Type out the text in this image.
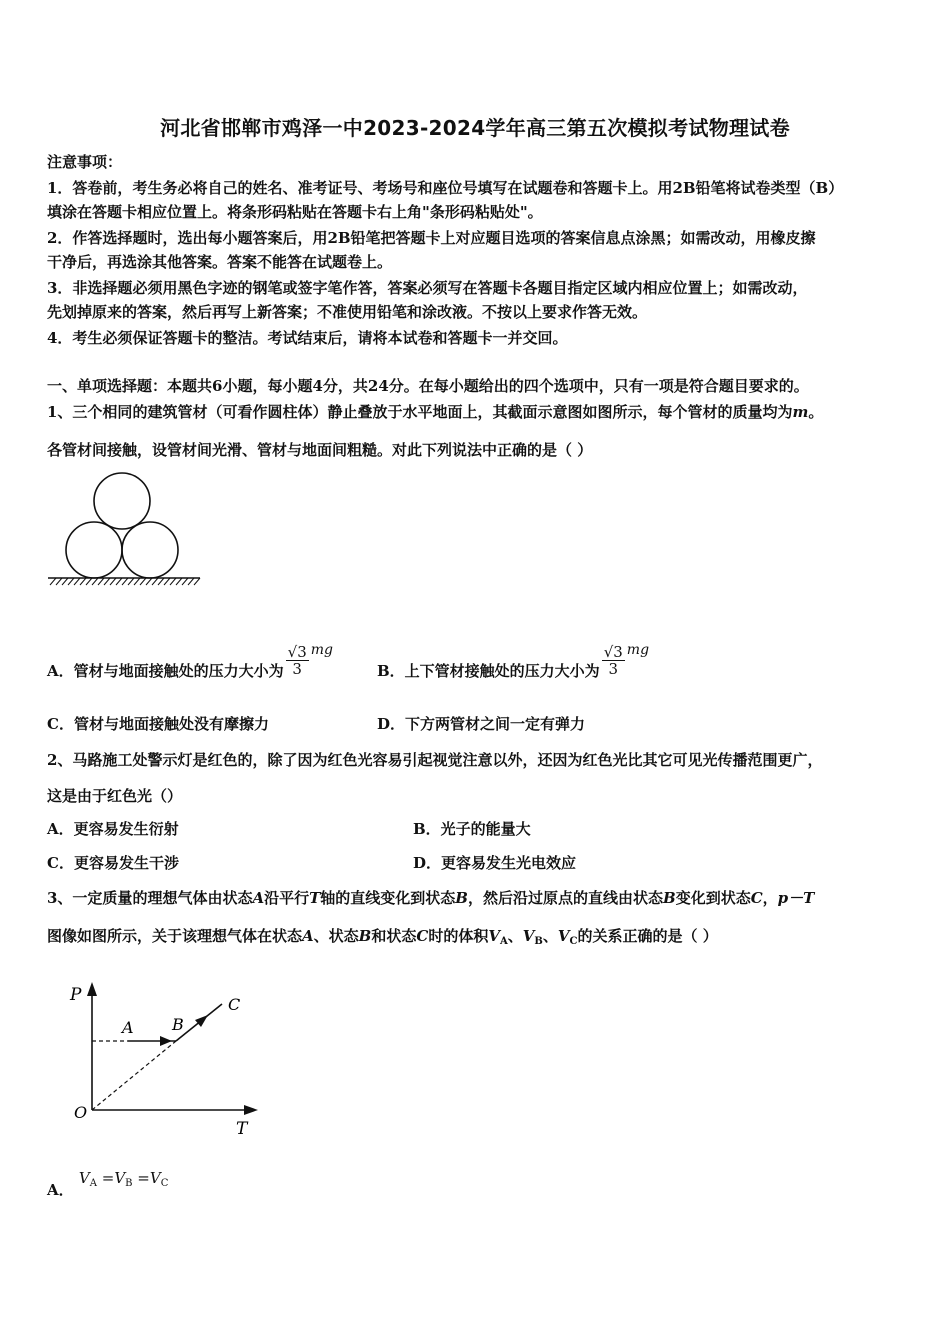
河北省邯郸市鸡泽一中2023-2024学年高三第五次模拟考试物理试卷
注意事项：
1．答卷前，考生务必将自己的姓名、准考证号、考场号和座位号填写在试题卷和答题卡上。用2B铅笔将试卷类型（B）
填涂在答题卡相应位置上。将条形码粘贴在答题卡右上角"条形码粘贴处"。
2．作答选择题时，选出每小题答案后，用2B铅笔把答题卡上对应题目选项的答案信息点涂黑；如需改动，用橡皮擦
干净后，再选涂其他答案。答案不能答在试题卷上。
3．非选择题必须用黑色字迹的钢笔或签字笔作答，答案必须写在答题卡各题目指定区域内相应位置上；如需改动，
先划掉原来的答案，然后再写上新答案；不准使用铅笔和涂改液。不按以上要求作答无效。
4．考生必须保证答题卡的整洁。考试结束后，请将本试卷和答题卡一并交回。
一、单项选择题：本题共6小题，每小题4分，共24分。在每小题给出的四个选项中，只有一项是符合题目要求的。
1、三个相同的建筑管材（可看作圆柱体）静止叠放于水平地面上，其截面示意图如图所示，每个管材的质量均为m。
各管材间接触，设管材间光滑、管材与地面间粗糙。对此下列说法中正确的是（ ）
A．管材与地面接触处的压力大小为 $\frac{√3}{3}$ mg
B．上下管材接触处的压力大小为 $\frac{√3}{3}$ mg
C．管材与地面接触处没有摩擦力	D．下方两管材之间一定有弹力
2、马路施工处警示灯是红色的，除了因为红色光容易引起视觉注意以外，还因为红色光比其它可见光传播范围更广，
这是由于红色光（）
A．更容易发生衍射	B．光子的能量大
C．更容易发生干涉	D．更容易发生光电效应
3、一定质量的理想气体由状态A沿平行T轴的直线变化到状态B，然后沿过原点的直线由状态B变化到状态C，p－T
图像如图所示，关于该理想气体在状态A、状态B和状态C时的体积$V_A$、$V_B$、$V_C$的关系正确的是（ ）
P
A B
C
O
T
A． $V_A =V_B =V_C$
